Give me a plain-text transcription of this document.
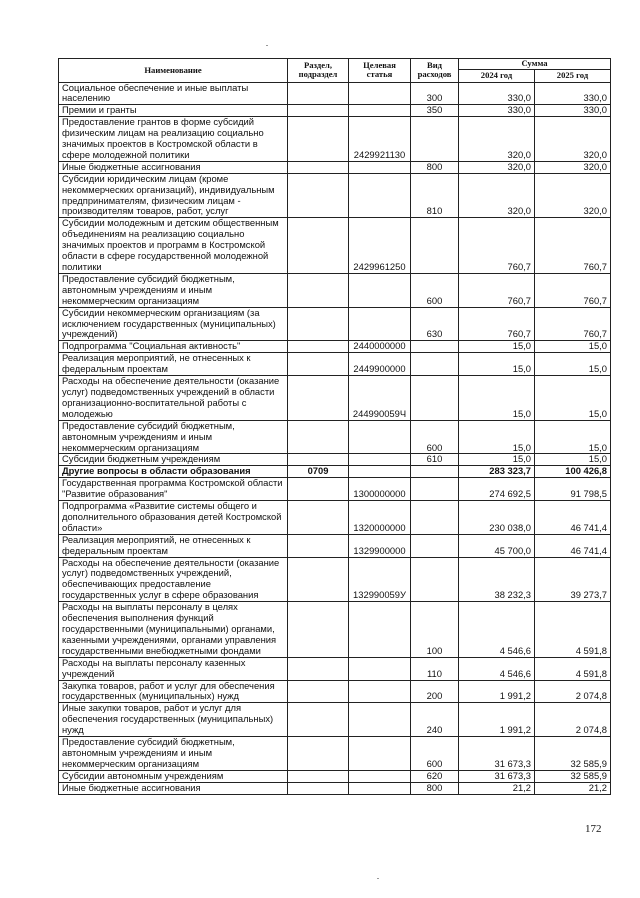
Наименование	Раздел, подраздел	Целевая статья	Вид расходов	Сумма	
				2024 год	2025 год
Социальное обеспечение и иные выплаты населению			300	330,0	330,0
Премии и гранты			350	330,0	330,0
Предоставление грантов в форме субсидий физическим лицам на реализацию социально значимых проектов в Костромской области в сфере молодежной политики		2429921130		320,0	320,0
Иные бюджетные ассигнования			800	320,0	320,0
Субсидии юридическим лицам (кроме некоммерческих организаций), индивидуальным предпринимателям, физическим лицам - производителям товаров, работ, услуг			810	320,0	320,0
Субсидии молодежным и детским общественным объединениям на реализацию социально значимых проектов и программ в Костромской области в сфере государственной молодежной политики		2429961250		760,7	760,7
Предоставление субсидий бюджетным, автономным учреждениям и иным некоммерческим организациям			600	760,7	760,7
Субсидии некоммерческим организациям (за исключением государственных (муниципальных) учреждений)			630	760,7	760,7
Подпрограмма "Социальная активность"		2440000000		15,0	15,0
Реализация мероприятий, не отнесенных к федеральным проектам		2449900000		15,0	15,0
Расходы на обеспечение деятельности (оказание услуг) подведомственных учреждений в области организационно-воспитательной работы с молодежью		244990059Ч		15,0	15,0
Предоставление субсидий бюджетным, автономным учреждениям и иным некоммерческим организациям			600	15,0	15,0
Субсидии бюджетным учреждениям			610	15,0	15,0
Другие вопросы в области образования	0709			283 323,7	100 426,8
Государственная программа Костромской области "Развитие образования"		1300000000		274 692,5	91 798,5
Подпрограмма «Развитие системы общего и дополнительного образования детей Костромской области»		1320000000		230 038,0	46 741,4
Реализация мероприятий, не отнесенных к федеральным проектам		1329900000		45 700,0	46 741,4
Расходы на обеспечение деятельности (оказание услуг) подведомственных учреждений, обеспечивающих предоставление государственных услуг в сфере образования		132990059У		38 232,3	39 273,7
Расходы на выплаты персоналу в целях обеспечения выполнения функций государственными (муниципальными) органами, казенными учреждениями, органами управления государственными внебюджетными фондами			100	4 546,6	4 591,8
Расходы на выплаты персоналу казенных учреждений			110	4 546,6	4 591,8
Закупка товаров, работ и услуг для обеспечения государственных (муниципальных) нужд			200	1 991,2	2 074,8
Иные закупки товаров, работ и услуг для обеспечения государственных (муниципальных) нужд			240	1 991,2	2 074,8
Предоставление субсидий бюджетным, автономным учреждениям и иным некоммерческим организациям			600	31 673,3	32 585,9
Субсидии автономным учреждениям			620	31 673,3	32 585,9
Иные бюджетные ассигнования			800	21,2	21,2
172
